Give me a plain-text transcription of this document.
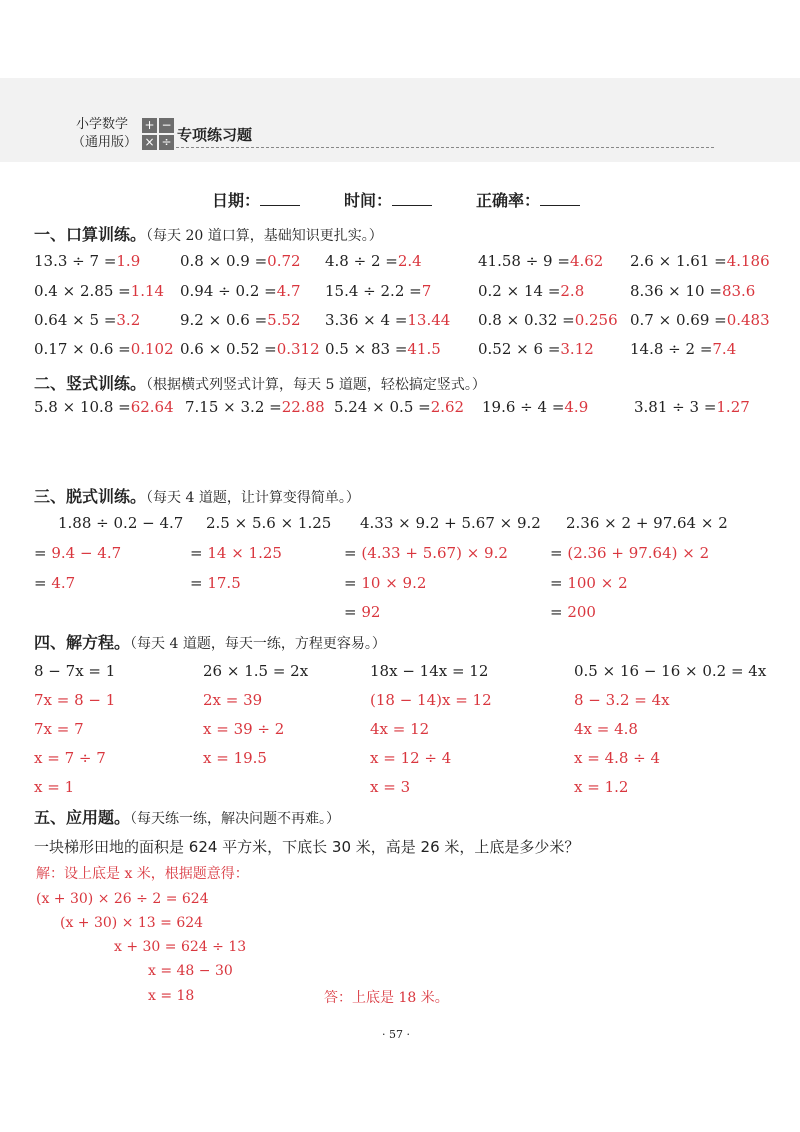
小学数学
（通用版）
+ −
× ÷ 专项练习题
日期：	时间：	正确率：
一、口算训练。（每天 20 道口算，基础知识更扎实。）
13.3 ÷ 7 =1.9	0.8 × 0.9 =0.72 4.8 ÷ 2 =2.4	41.58 ÷ 9 =4.62 2.6 × 1.61 =4.186
0.4 × 2.85 =1.14 0.94 ÷ 0.2 =4.7 15.4 ÷ 2.2 =7	0.2 × 14 =2.8	8.36 × 10 =83.6
0.64 × 5 =3.2	9.2 × 0.6 =5.52 3.36 × 4 =13.44 0.8 × 0.32 =0.256 0.7 × 0.69 =0.483
0.17 × 0.6 =0.102 0.6 × 0.52 =0.312 0.5 × 83 =41.5 0.52 × 6 =3.12 14.8 ÷ 2 =7.4
二、竖式训练。（根据横式列竖式计算，每天 5 道题，轻松搞定竖式。）
5.8 × 10.8 =62.64 7.15 × 3.2 =22.88 5.24 × 0.5 =2.62 19.6 ÷ 4 =4.9	3.81 ÷ 3 =1.27
三、脱式训练。（每天 4 道题，让计算变得简单。）
1.88 ÷ 0.2 − 4.7
= 9.4 − 4.7
= 4.7
2.5 × 5.6 × 1.25
= 14 × 1.25
= 17.5
4.33 × 9.2 + 5.67 × 9.2
= (4.33 + 5.67) × 9.2
= 10 × 9.2
= 92
2.36 × 2 + 97.64 × 2
= (2.36 + 97.64) × 2
= 100 × 2
= 200
四、解方程。（每天 4 道题，每天一练，方程更容易。）
8 − 7x = 1
7x = 8 − 1
7x = 7
x = 7 ÷ 7
x = 1
26 × 1.5 = 2x
2x = 39
x = 39 ÷ 2
x = 19.5
18x − 14x = 12
(18 − 14)x = 12
4x = 12
x = 12 ÷ 4
x = 3
0.5 × 16 − 16 × 0.2 = 4x
8 − 3.2 = 4x
4x = 4.8
x = 4.8 ÷ 4
x = 1.2
五、应用题。（每天练一练，解决问题不再难。）
一块梯形田地的面积是 624 平方米，下底长 30 米，高是 26 米，上底是多少米？
解：设上底是 x 米，根据题意得：
(x + 30) × 26 ÷ 2 = 624
(x + 30) × 13 = 624
x + 30 = 624 ÷ 13
x = 48 − 30
x = 18	答：上底是 18 米。
· 57 ·
